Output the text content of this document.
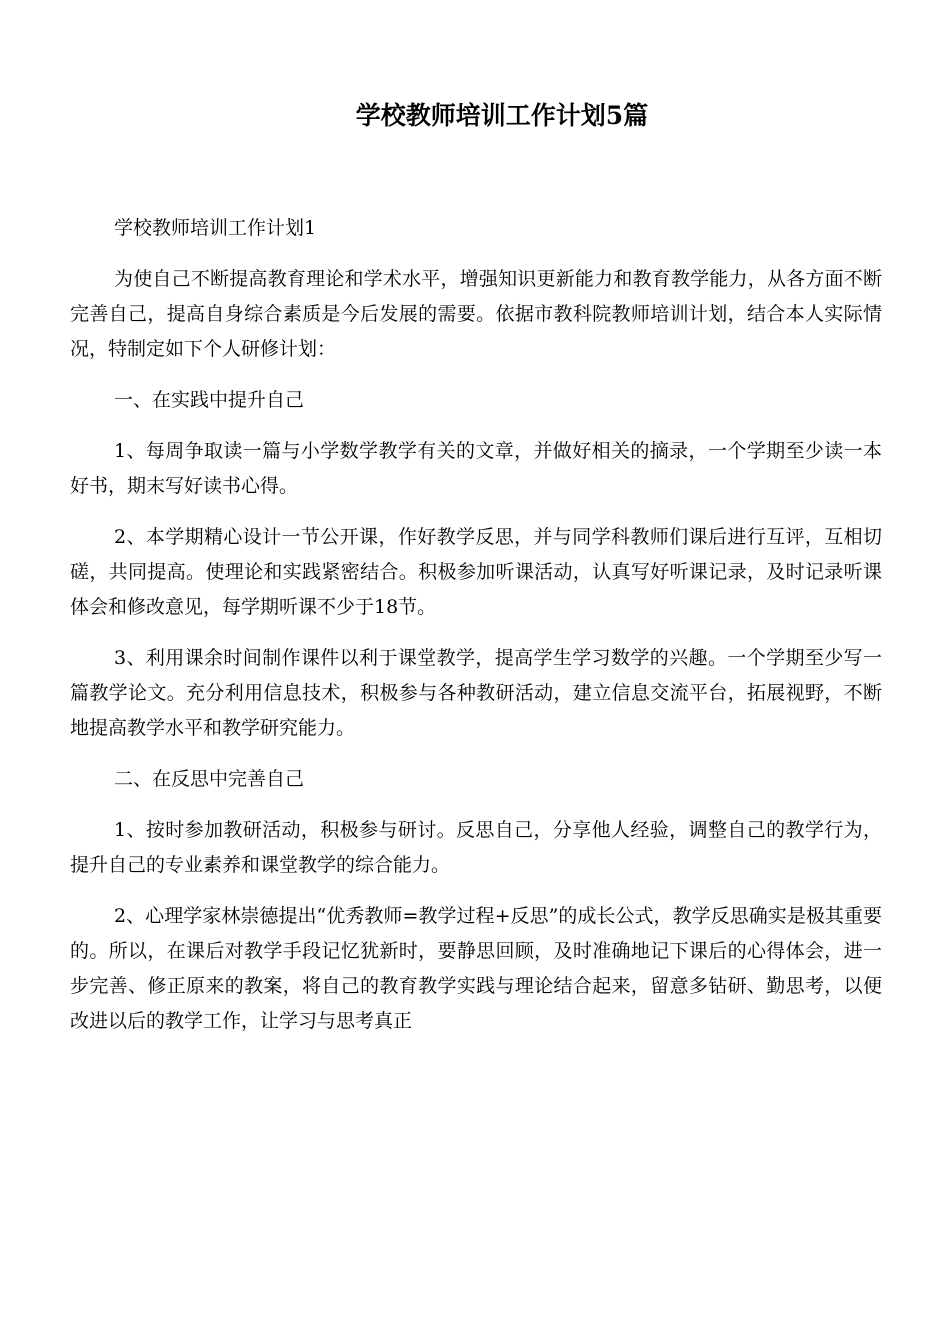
学校教师培训工作计划5篇

学校教师培训工作计划1

为使自己不断提高教育理论和学术水平，增强知识更新能力和教育教学能力，从各方面不断完善自己，提高自身综合素质是今后发展的需要。依据市教科院教师培训计划，结合本人实际情况，特制定如下个人研修计划：

一、在实践中提升自己

1、每周争取读一篇与小学数学教学有关的文章，并做好相关的摘录，一个学期至少读一本好书，期末写好读书心得。

2、本学期精心设计一节公开课，作好教学反思，并与同学科教师们课后进行互评，互相切磋，共同提高。使理论和实践紧密结合。积极参加听课活动，认真写好听课记录，及时记录听课体会和修改意见，每学期听课不少于18节。

3、利用课余时间制作课件以利于课堂教学，提高学生学习数学的兴趣。一个学期至少写一篇教学论文。充分利用信息技术，积极参与各种教研活动，建立信息交流平台，拓展视野，不断地提高教学水平和教学研究能力。

二、在反思中完善自己

1、按时参加教研活动，积极参与研讨。反思自己，分享他人经验，调整自己的教学行为，提升自己的专业素养和课堂教学的综合能力。

2、心理学家林崇德提出“优秀教师=教学过程+反思”的成长公式，教学反思确实是极其重要的。所以，在课后对教学手段记忆犹新时，要静思回顾，及时准确地记下课后的心得体会，进一步完善、修正原来的教案，将自己的教育教学实践与理论结合起来，留意多钻研、勤思考，以便改进以后的教学工作，让学习与思考真正
